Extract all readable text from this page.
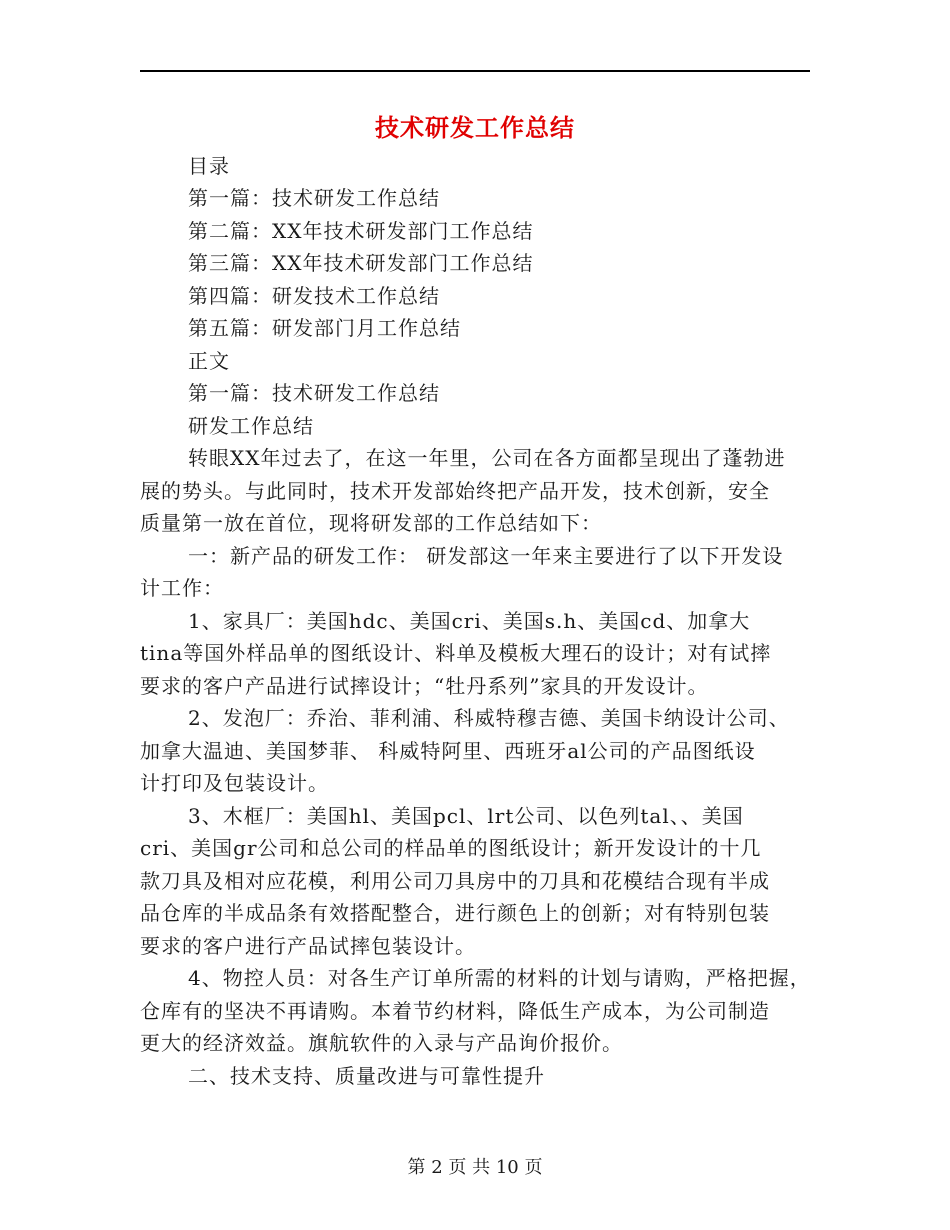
技术研发工作总结
目录
第一篇：技术研发工作总结
第二篇：XX年技术研发部门工作总结
第三篇：XX年技术研发部门工作总结
第四篇：研发技术工作总结
第五篇：研发部门月工作总结
正文
第一篇：技术研发工作总结
研发工作总结
转眼XX年过去了，在这一年里，公司在各方面都呈现出了蓬勃进
展的势头。与此同时，技术开发部始终把产品开发，技术创新，安全
质量第一放在首位，现将研发部的工作总结如下：
一：新产品的研发工作： 研发部这一年来主要进行了以下开发设
计工作：
1、家具厂：美国hdc、美国cri、美国s.h、美国cd、加拿大
tina等国外样品单的图纸设计、料单及模板大理石的设计；对有试摔
要求的客户产品进行试摔设计；“牡丹系列”家具的开发设计。
2、发泡厂：乔治、菲利浦、科威特穆吉德、美国卡纳设计公司、
加拿大温迪、美国梦菲、 科威特阿里、西班牙al公司的产品图纸设
计打印及包装设计。
3、木框厂：美国hl、美国pcl、lrt公司、以色列tal、、美国
cri、美国gr公司和总公司的样品单的图纸设计；新开发设计的十几
款刀具及相对应花模，利用公司刀具房中的刀具和花模结合现有半成
品仓库的半成品条有效搭配整合，进行颜色上的创新；对有特别包装
要求的客户进行产品试摔包装设计。
4、物控人员：对各生产订单所需的材料的计划与请购，严格把握，
仓库有的坚决不再请购。本着节约材料，降低生产成本，为公司制造
更大的经济效益。旗航软件的入录与产品询价报价。
二、技术支持、质量改进与可靠性提升
第 2 页 共 10 页
